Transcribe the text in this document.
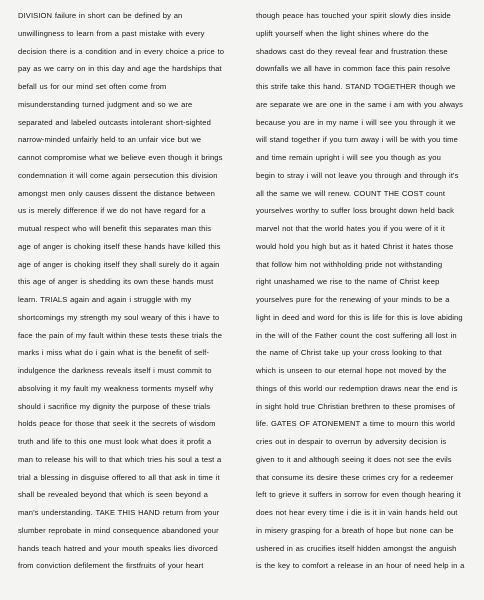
DIVISION failure in short can be defined by an
unwillingness to learn from a past mistake with every
decision there is a condition and in every choice a price to
pay as we carry on in this day and age the hardships that
befall us for our mind set often come from
misunderstanding turned judgment and so we are
separated and labeled outcasts intolerant short-sighted
narrow-minded unfairly held to an unfair vice but we
cannot compromise what we believe even though it brings
condemnation it will come again persecution this division
amongst men only causes dissent the distance between
us is merely difference if we do not have regard for a
mutual respect who will benefit this separates man this
age of anger is choking itself these hands have killed this
age of anger is choking itself they shall surely do it again
this age of anger is shedding its own these hands must
learn. TRIALS again and again i struggle with my
shortcomings my strength my soul weary of this i have to
face the pain of my fault within these tests these trials the
marks i miss what do i gain what is the benefit of self-
indulgence the darkness reveals itself i must commit to
absolving it my fault my weakness torments myself why
should i sacrifice my dignity the purpose of these trials
holds peace for those that seek it the secrets of wisdom
truth and life to this one must look what does it profit a
man to release his will to that which tries his soul a test a
trial a blessing in disguise offered to all that ask in time it
shall be revealed beyond that which is seen beyond a
man's understanding. TAKE THIS HAND return from your
slumber reprobate in mind consequence abandoned your
hands teach hatred and your mouth speaks lies divorced
from conviction defilement the firstfruits of your heart
though peace has touched your spirit slowly dies inside
uplift yourself when the light shines where do the
shadows cast do they reveal fear and frustration these
downfalls we all have in common face this pain resolve
this strife take this hand. STAND TOGETHER though we
are separate we are one in the same i am with you always
because you are in my name i will see you through it we
will stand together if you turn away i will be with you time
and time remain upright i will see you though as you
begin to stray i will not leave you through and through it's
all the same we will renew. COUNT THE COST count
yourselves worthy to suffer loss brought down held back
marvel not that the world hates you if you were of it it
would hold you high but as it hated Christ it hates those
that follow him not withholding pride not withstanding
right unashamed we rise to the name of Christ keep
yourselves pure for the renewing of your minds to be a
light in deed and word for this is life for this is love abiding
in the will of the Father count the cost suffering all lost in
the name of Christ take up your cross looking to that
which is unseen to our eternal hope not moved by the
things of this world our redemption draws near the end is
in sight hold true Christian brethren to these promises of
life. GATES OF ATONEMENT a time to mourn this world
cries out in despair to overrun by adversity decision is
given to it and although seeing it does not see the evils
that consume its desire these crimes cry for a redeemer
left to grieve it suffers in sorrow for even though hearing it
does not hear every time i die is it in vain hands held out
in misery grasping for a breath of hope but none can be
ushered in as crucifies itself hidden amongst the anguish
is the key to comfort a release in an hour of need help in a
